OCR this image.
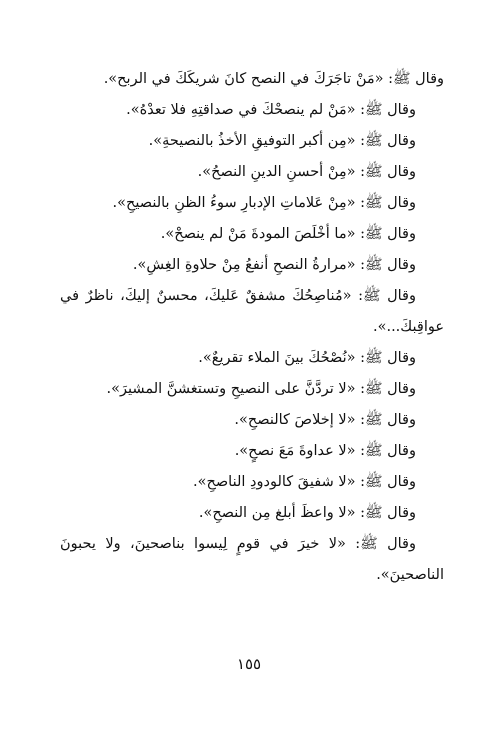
وقال ﷺ: «مَنْ تاجَرَكَ في النصح كانَ شريكَكَ في الربح».

وقال ﷺ: «مَنْ لم ينصحْكَ في صداقتِهِ فلا تعدْهُ».

وقال ﷺ: «مِن أكبر التوفيقِ الأخذُ بالنصيحةِ».

وقال ﷺ: «مِنْ أحسنِ الدينِ النصحُ».

وقال ﷺ: «مِنْ عَلاماتِ الإدبارِ سوءُ الظنِ بالنصيحِ».

وقال ﷺ: «ما أخْلَصَ المودةَ مَنْ لم ينصحْ».

وقال ﷺ: «مرارةُ النصحِ أنفعُ مِنْ حلاوةِ الغِشِ».

وقال ﷺ: «مُناصِحُكَ مشفقٌ عَليكَ، محسنٌ إليكَ، ناظرٌ في عواقِبكَ...».

وقال ﷺ: «نُصْحُكَ بينَ الملاء تقريعٌ».

وقال ﷺ: «لا تردَّنَّ على النصيحِ وتستغشنَّ المشيرَ».

وقال ﷺ: «لا إخلاصَ كالنصحِ».

وقال ﷺ: «لا عداوةَ مَعَ نصحٍ».

وقال ﷺ: «لا شفيقَ كالودودِ الناصحِ».

وقال ﷺ: «لا واعظَ أبلغ مِن النصحِ».

وقال ﷺ: «لا خيرَ في قومٍ لِيسوا بناصحينَ، ولا يحبونَ الناصحينَ».

١٥٥
